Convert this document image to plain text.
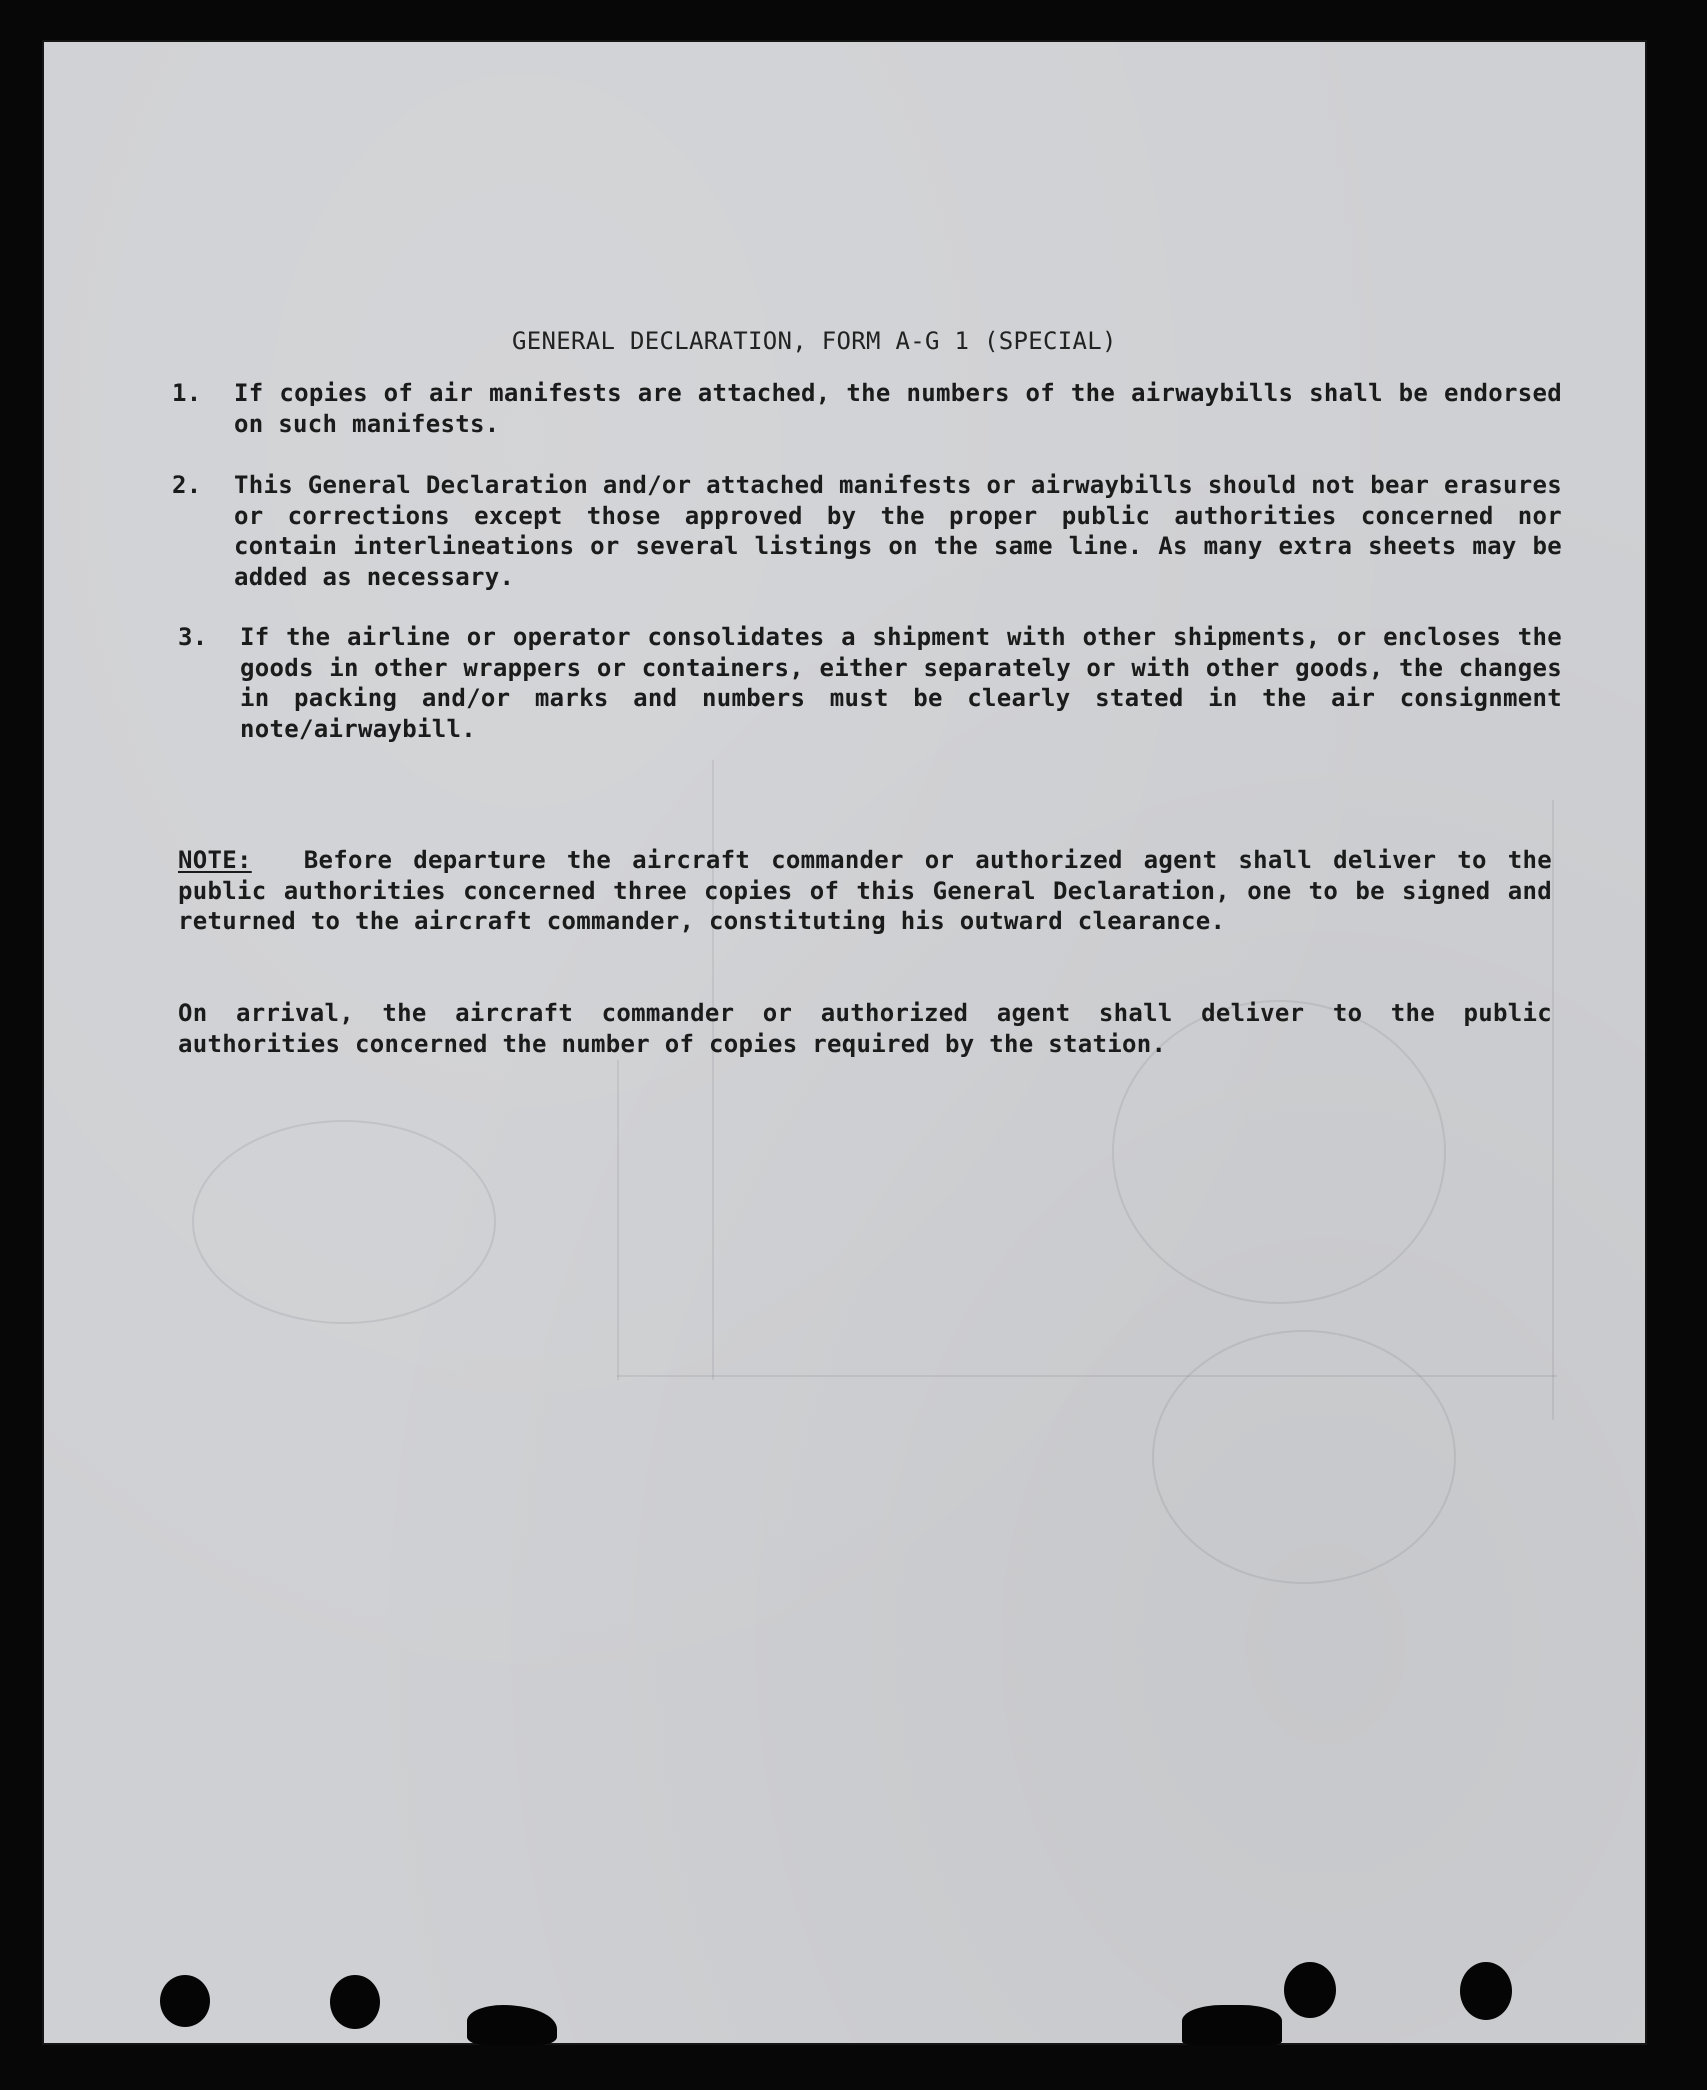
GENERAL DECLARATION, FORM A-G 1 (SPECIAL)
1.	If copies of air manifests are attached, the numbers of the airwaybills shall be endorsed on such manifests.

2.	This General Declaration and/or attached manifests or airwaybills should not bear erasures or corrections except those approved by the proper public authorities concerned nor contain interlineations or several listings on the same line. As many extra sheets may be added as necessary.

3.	If the airline or operator consolidates a shipment with other shipments, or encloses the goods in other wrappers or containers, either separately or with other goods, the changes in packing and/or marks and numbers must be clearly stated in the air consignment note/airwaybill.

NOTE: Before departure the aircraft commander or authorized agent shall deliver to the public authorities concerned three copies of this General Declaration, one to be signed and returned to the aircraft commander, constituting his outward clearance.

On arrival, the aircraft commander or authorized agent shall deliver to the public authorities concerned the number of copies required by the station.
